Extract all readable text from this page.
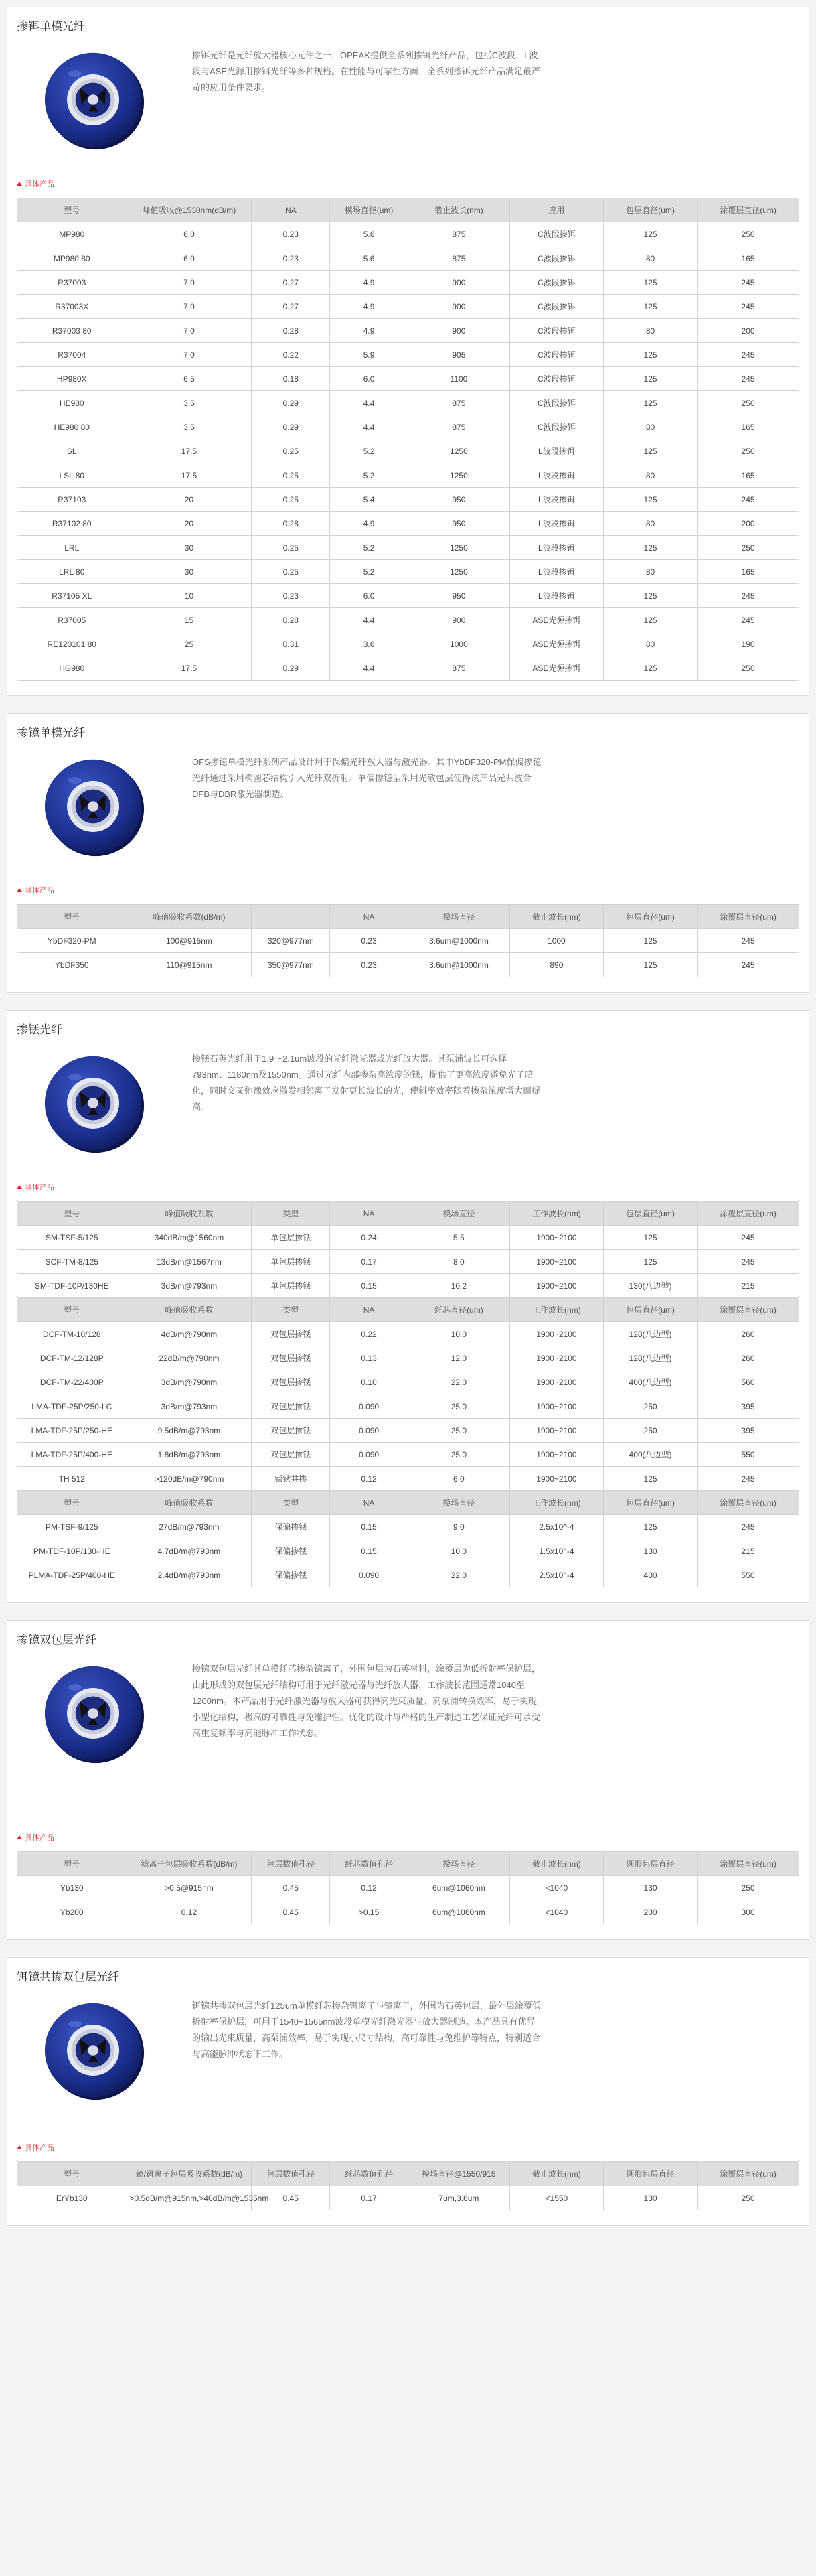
掺铒单模光纤

掺铒光纤是光纤放大器核心元件之一，OPEAK提供全系列掺铒光纤产品，包括C波段，L波段与ASE光源用掺铒光纤等多种规格。在性能与可靠性方面，全系列掺铒光纤产品满足最严苛的应用条件要求。

具体产品
型号	峰值吸收@1530nm(dB/m)	NA	模场直径(um)	截止波长(nm)	应用	包层直径(um)	涂覆层直径(um)
MP980	6.0	0.23	5.6	875	C波段掺铒	125	250
MP980 80	6.0	0.23	5.6	875	C波段掺铒	80	165
R37003	7.0	0.27	4.9	900	C波段掺铒	125	245
R37003X	7.0	0.27	4.9	900	C波段掺铒	125	245
R37003 80	7.0	0.28	4.9	900	C波段掺铒	80	200
R37004	7.0	0.22	5.9	905	C波段掺铒	125	245
HP980X	6.5	0.18	6.0	1100	C波段掺铒	125	245
HE980	3.5	0.29	4.4	875	C波段掺铒	125	250
HE980 80	3.5	0.29	4.4	875	C波段掺铒	80	165
SL	17.5	0.25	5.2	1250	L波段掺铒	125	250
LSL 80	17.5	0.25	5.2	1250	L波段掺铒	80	165
R37103	20	0.25	5.4	950	L波段掺铒	125	245
R37102 80	20	0.28	4.9	950	L波段掺铒	80	200
LRL	30	0.25	5.2	1250	L波段掺铒	125	250
LRL 80	30	0.25	5.2	1250	L波段掺铒	80	165
R37105 XL	10	0.23	6.0	950	L波段掺铒	125	245
R37005	15	0.28	4.4	900	ASE光源掺铒	125	245
RE120101 80	25	0.31	3.6	1000	ASE光源掺铒	80	190
HG980	17.5	0.29	4.4	875	ASE光源掺铒	125	250
掺镱单模光纤

OFS掺镱单模光纤系列产品设计用于保偏光纤放大器与激光器。其中YbDF320-PM保偏掺镱光纤通过采用椭圆芯结构引入光纤双折射。单偏掺镱型采用光敏包层使得该产品光共波合DFB与DBR激光器制造。

具体产品
型号	峰值吸收系数(dB/m)		NA	模场直径	截止波长(nm)	包层直径(um)	涂覆层直径(um)
YbDF320-PM	100@915nm	320@977nm	0.23	3.6um@1000nm	1000	125	245
YbDF350	110@915nm	350@977nm	0.23	3.6um@1000nm	890	125	245
掺铥光纤

掺铥石英光纤用于1.9～2.1um波段的光纤激光器或光纤放大器。其泵浦波长可选择793nm、1180nm及1550nm。通过光纤内部掺杂高浓度的铥，提供了更高浓度避免光子暗化，同时交叉弛豫效应激发相邻离子发射更长波长的光，使斜率效率随着掺杂浓度增大而提高。

具体产品
型号	峰值吸收系数	类型	NA	模场直径	工作波长(nm)	包层直径(um)	涂覆层直径(um)
SM-TSF-5/125	340dB/m@1560nm	单包层掺铥	0.24	5.5	1900~2100	125	245
SCF-TM-8/125	13dB/m@1567nm	单包层掺铥	0.17	8.0	1900~2100	125	245
SM-TDF-10P/130HE	3dB/m@793nm	单包层掺铥	0.15	10.2	1900~2100	130(八边型)	215
型号	峰值吸收系数	类型	NA	纤芯直径(um)	工作波长(nm)	包层直径(um)	涂覆层直径(um)
DCF-TM-10/128	4dB/m@790nm	双包层掺铥	0.22	10.0	1900~2100	128(八边型)	260
DCF-TM-12/128P	22dB/m@790nm	双包层掺铥	0.13	12.0	1900~2100	128(八边型)	260
DCF-TM-22/400P	3dB/m@790nm	双包层掺铥	0.10	22.0	1900~2100	400(八边型)	560
LMA-TDF-25P/250-LC	3dB/m@793nm	双包层掺铥	0.090	25.0	1900~2100	250	395
LMA-TDF-25P/250-HE	9.5dB/m@793nm	双包层掺铥	0.090	25.0	1900~2100	250	395
LMA-TDF-25P/400-HE	1.8dB/m@793nm	双包层掺铥	0.090	25.0	1900~2100	400(八边型)	550
TH 512	>120dB/m@790nm	铥钬共掺	0.12	6.0	1900~2100	125	245
型号	峰值吸收系数	类型	NA	模场直径	工作波长(nm)	包层直径(um)	涂覆层直径(um)
PM-TSF-9/125	27dB/m@793nm	保偏掺铥	0.15	9.0	2.5x10^-4	125	245
PM-TDF-10P/130-HE	4.7dB/m@793nm	保偏掺铥	0.15	10.0	1.5x10^-4	130	215
PLMA-TDF-25P/400-HE	2.4dB/m@793nm	保偏掺铥	0.090	22.0	2.5x10^-4	400	550
掺镱双包层光纤

掺镱双包层光纤其单模纤芯掺杂镱离子，外围包层为石英材料，涂覆层为低折射率保护层，由此形成的双包层光纤结构可用于光纤激光器与光纤放大器，工作波长范围通常1040至1200nm。本产品用于光纤激光器与放大器可获得高光束质量、高泵浦转换效率，易于实现小型化结构，极高的可靠性与免维护性。优化的设计与严格的生产制造工艺保证光纤可承受高重复频率与高能脉冲工作状态。

具体产品
型号	镱离子包层吸收系数(dB/m)	包层数值孔径	纤芯数值孔径	模场直径	截止波长(nm)	圆形包层直径	涂覆层直径(um)
Yb130	>0.5@915nm	0.45	0.12	6um@1060nm	<1040	130	250
Yb200	0.12	0.45	>0.15	6um@1060nm	<1040	200	300
铒镱共掺双包层光纤

铒镱共掺双包层光纤125um单模纤芯掺杂铒离子与镱离子，外围为石英包层，最外层涂覆低折射率保护层，可用于1540~1565nm波段单模光纤激光器与放大器制造。本产品具有优异的输出光束质量，高泵浦效率，易于实现小尺寸结构，高可靠性与免维护等特点，特别适合与高能脉冲状态下工作。

具体产品
型号	镱/铒离子包层吸收系数(dB/m)	包层数值孔径	纤芯数值孔径	模场直径@1550/915	截止波长(nm)	圆形包层直径	涂覆层直径(um)
ErYb130	>0.5dB/m@915nm,>40dB/m@1535nm	0.45	0.17	7um,3.6um	<1550	130	250
